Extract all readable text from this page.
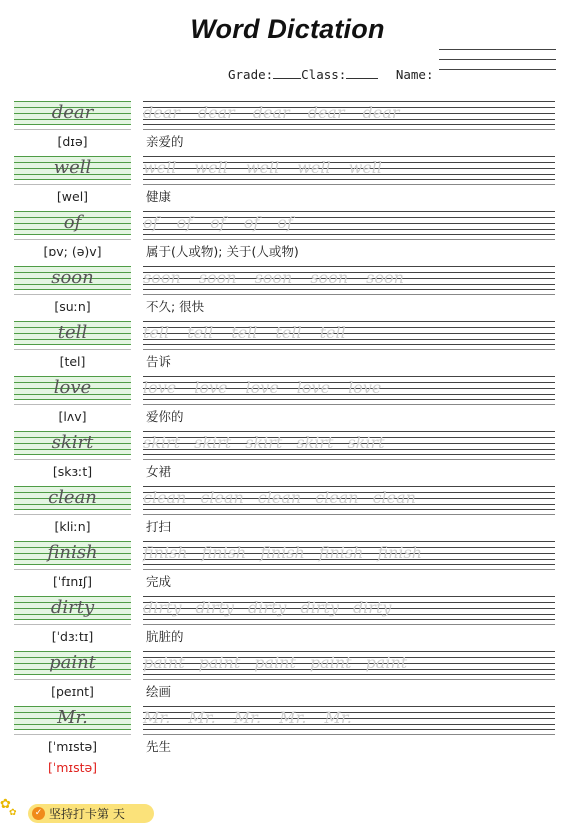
Word Dictation
Grade: Class:	Name:
dear	dear dear dear dear dear
[dɪə]	亲爱的
well	well well well well well
[wel]	健康
of	of of of of of
[ɒv; (ə)v]	属于(人或物); 关于(人或物)
soon	soon soon soon soon soon
[suːn]	不久; 很快
tell	tell tell tell tell tell
[tel]	告诉
love	love love love love love
[lʌv]	爱你的
skirt	skirt skirt skirt skirt skirt
[skɜːt]	女裙
clean	clean clean clean clean clean
[kliːn]	打扫
finish	finish finish finish finish finish
[ˈfɪnɪʃ]	完成
dirty	dirty dirty dirty dirty dirty
[ˈdɜːtɪ]	肮脏的
paint	paint paint paint paint paint
[peɪnt]	绘画
Mr.	Mr. Mr. Mr. Mr. Mr.
[ˈmɪstə]	先生
[ˈmɪstə]
✿
✿	✓ 坚持打卡第 天
